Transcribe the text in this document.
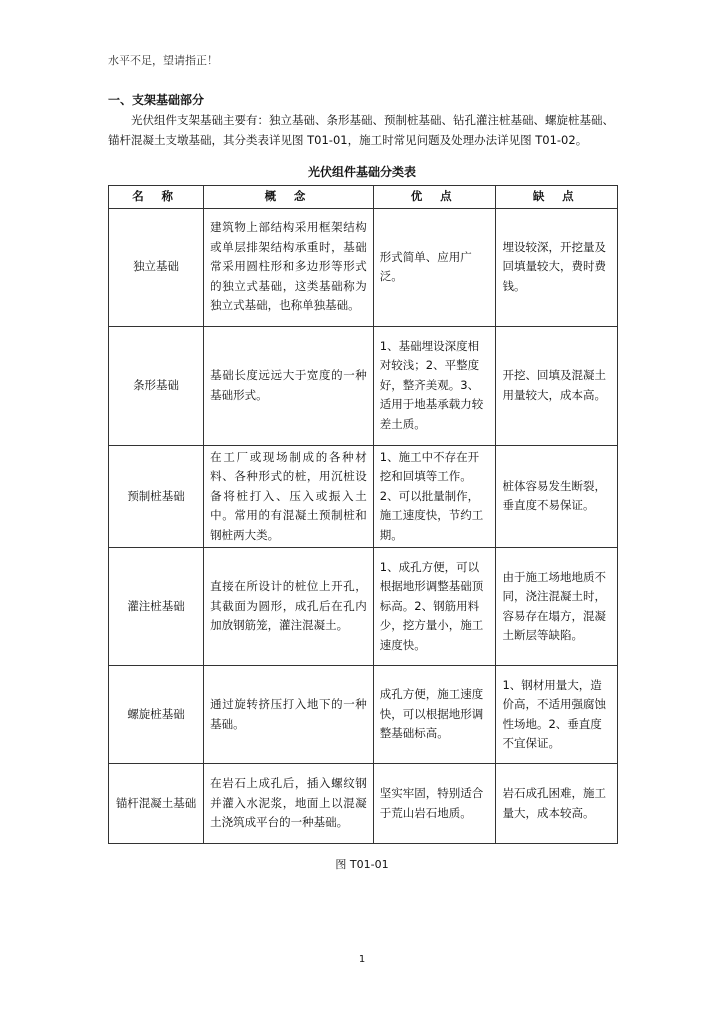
水平不足，望请指正！
一、支架基础部分

光伏组件支架基础主要有：独立基础、条形基础、预制桩基础、钻孔灌注桩基础、螺旋桩基础、锚杆混凝土支墩基础，其分类表详见图 T01-01，施工时常见问题及处理办法详见图 T01-02。

光伏组件基础分类表
名 称	概 念	优 点	缺 点
独立基础	建筑物上部结构采用框架结构或单层排架结构承重时，基础常采用圆柱形和多边形等形式的独立式基础，这类基础称为独立式基础，也称单独基础。	形式简单、应用广泛。	埋设较深，开挖量及回填量较大，费时费钱。
条形基础	基础长度远远大于宽度的一种基础形式。	1、基础埋设深度相对较浅；2、平整度好，整齐美观。3、适用于地基承载力较差土质。	开挖、回填及混凝土用量较大，成本高。
预制桩基础	在工厂或现场制成的各种材料、各种形式的桩，用沉桩设备将桩打入、压入或振入土中。常用的有混凝土预制桩和钢桩两大类。	1、施工中不存在开挖和回填等工作。2、可以批量制作，施工速度快，节约工期。	桩体容易发生断裂，垂直度不易保证。
灌注桩基础	直接在所设计的桩位上开孔，其截面为圆形，成孔后在孔内加放钢筋笼，灌注混凝土。	1、成孔方便，可以根据地形调整基础顶标高。2、钢筋用料少，挖方量小，施工速度快。	由于施工场地地质不同，浇注混凝土时，容易存在塌方，混凝土断层等缺陷。
螺旋桩基础	通过旋转挤压打入地下的一种基础。	成孔方便，施工速度快，可以根据地形调整基础标高。	1、钢材用量大，造价高，不适用强腐蚀性场地。2、垂直度不宜保证。
锚杆混凝土基础	在岩石上成孔后，插入螺纹钢并灌入水泥浆，地面上以混凝土浇筑成平台的一种基础。	坚实牢固，特别适合于荒山岩石地质。	岩石成孔困难，施工量大，成本较高。
图 T01-01
1
